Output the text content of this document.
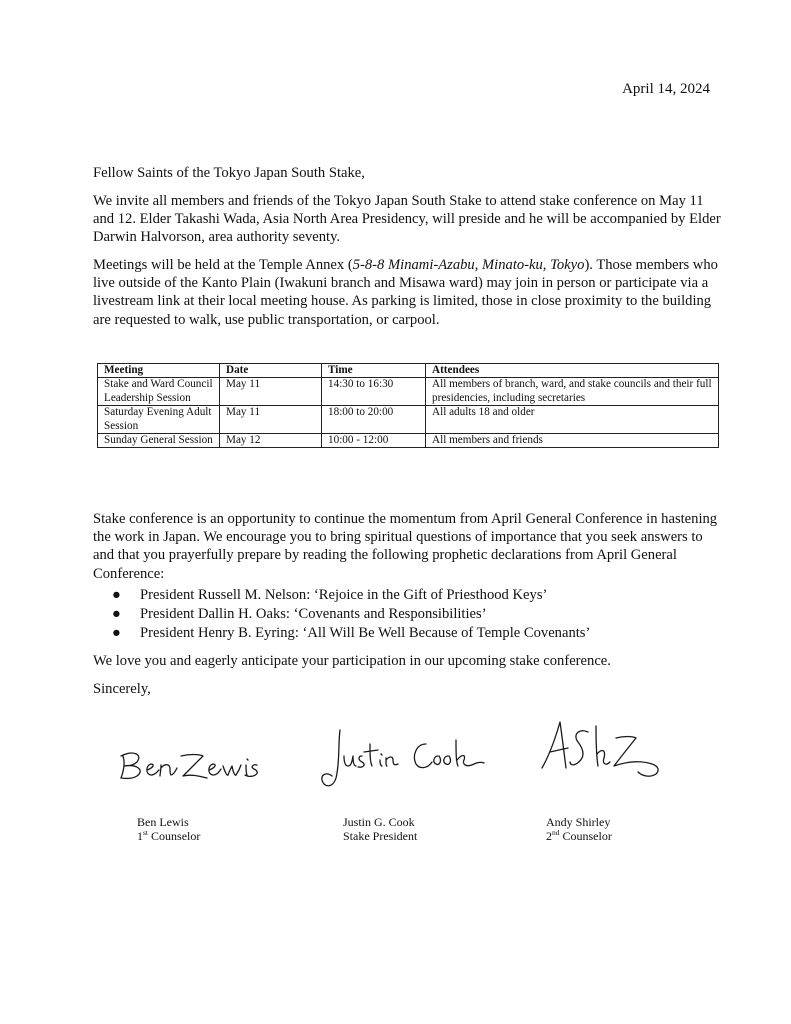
April 14, 2024

Fellow Saints of the Tokyo Japan South Stake,

We invite all members and friends of the Tokyo Japan South Stake to attend stake conference on May 11 and 12. Elder Takashi Wada, Asia North Area Presidency, will preside and he will be accompanied by Elder Darwin Halvorson, area authority seventy.

Meetings will be held at the Temple Annex (5-8-8 Minami-Azabu, Minato-ku, Tokyo). Those members who live outside of the Kanto Plain (Iwakuni branch and Misawa ward) may join in person or participate via a livestream link at their local meeting house. As parking is limited, those in close proximity to the building are requested to walk, use public transportation, or carpool.

Meeting	Date	Time	Attendees
Stake and Ward Council Leadership Session	May 11	14:30 to 16:30	All members of branch, ward, and stake councils and their full presidencies, including secretaries
Saturday Evening Adult Session	May 11	18:00 to 20:00	All adults 18 and older
Sunday General Session	May 12	10:00 - 12:00	All members and friends

Stake conference is an opportunity to continue the momentum from April General Conference in hastening the work in Japan. We encourage you to bring spiritual questions of importance that you seek answers to and that you prayerfully prepare by reading the following prophetic declarations from April General Conference:

● President Russell M. Nelson: ‘Rejoice in the Gift of Priesthood Keys’
● President Dallin H. Oaks: ‘Covenants and Responsibilities’
● President Henry B. Eyring: ‘All Will Be Well Because of Temple Covenants’

We love you and eagerly anticipate your participation in our upcoming stake conference.

Sincerely,

Ben Lewis
1st Counselor
Justin G. Cook
Stake President
Andy Shirley
2nd Counselor
